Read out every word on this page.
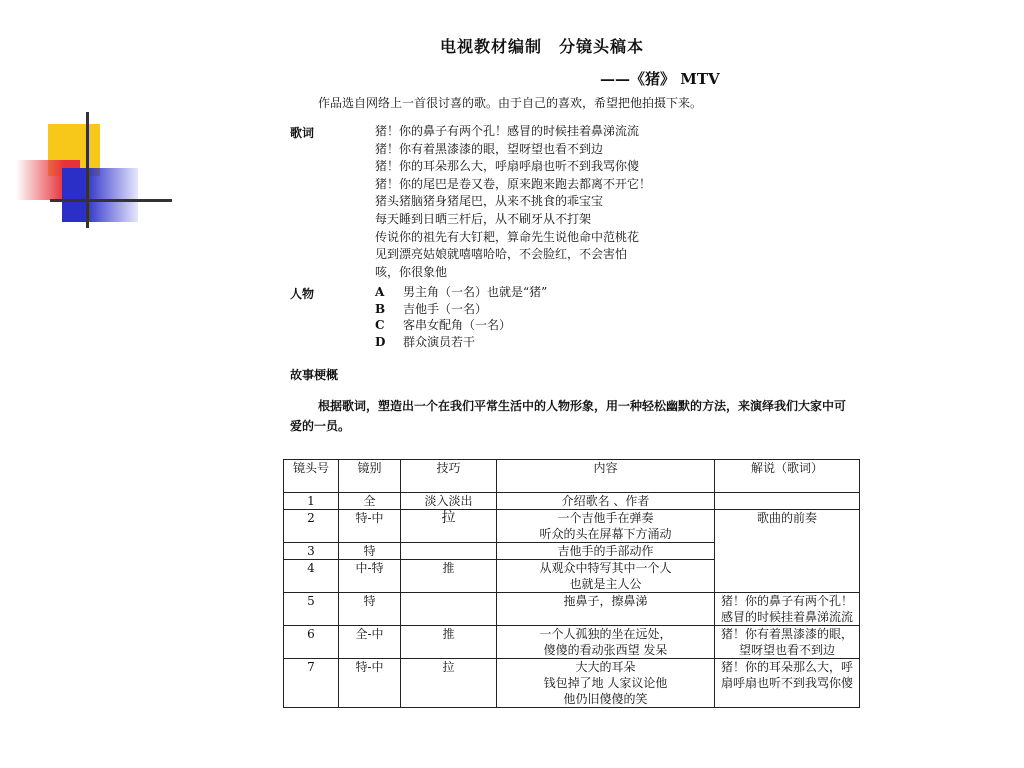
电视教材编制　分镜头稿本
——《猪》 MTV
作品选自网络上一首很讨喜的歌。由于自己的喜欢，希望把他拍摄下来。
歌词	猪！你的鼻子有两个孔！感冒的时候挂着鼻涕流流
猪！你有着黑漆漆的眼，望呀望也看不到边
猪！你的耳朵那么大，呼扇呼扇也听不到我骂你傻
猪！你的尾巴是卷又卷，原来跑来跑去都离不开它！
猪头猪脑猪身猪尾巴，从来不挑食的乖宝宝
每天睡到日晒三杆后，从不刷牙从不打架
传说你的祖先有大钉耙，算命先生说他命中范桃花
见到漂亮姑娘就嘻嘻哈哈，不会脸红，不会害怕
咳，你很象他
人物	A 男主角（一名）也就是“猪”
B 吉他手（一名）
C 客串女配角（一名）
D 群众演员若干
故事梗概
根据歌词，塑造出一个在我们平常生活中的人物形象，用一种轻松幽默的方法，来演绎我们大家中可爱的一员。
镜头号	镜别	技巧	内容	解说（歌词）
1	全	淡入淡出	介绍歌名 、作者	
2	特-中	拉	一个吉他手在弹奏
听众的头在屏幕下方涌动	歌曲的前奏
3	特		吉他手的手部动作	
4	中-特	推	从观众中特写其中一个人
也就是主人公	
5	特		拖鼻子，擦鼻涕	猪！你的鼻子有两个孔！感冒的时候挂着鼻涕流流
6	全-中	推	一个人孤独的坐在远处，
傻傻的看动张西望 发呆	猪！你有着黑漆漆的眼，望呀望也看不到边
7	特-中	拉	大大的耳朵
钱包掉了地 人家议论他
他仍旧傻傻的笑	猪！你的耳朵那么大，呼扇呼扇也听不到我骂你傻
